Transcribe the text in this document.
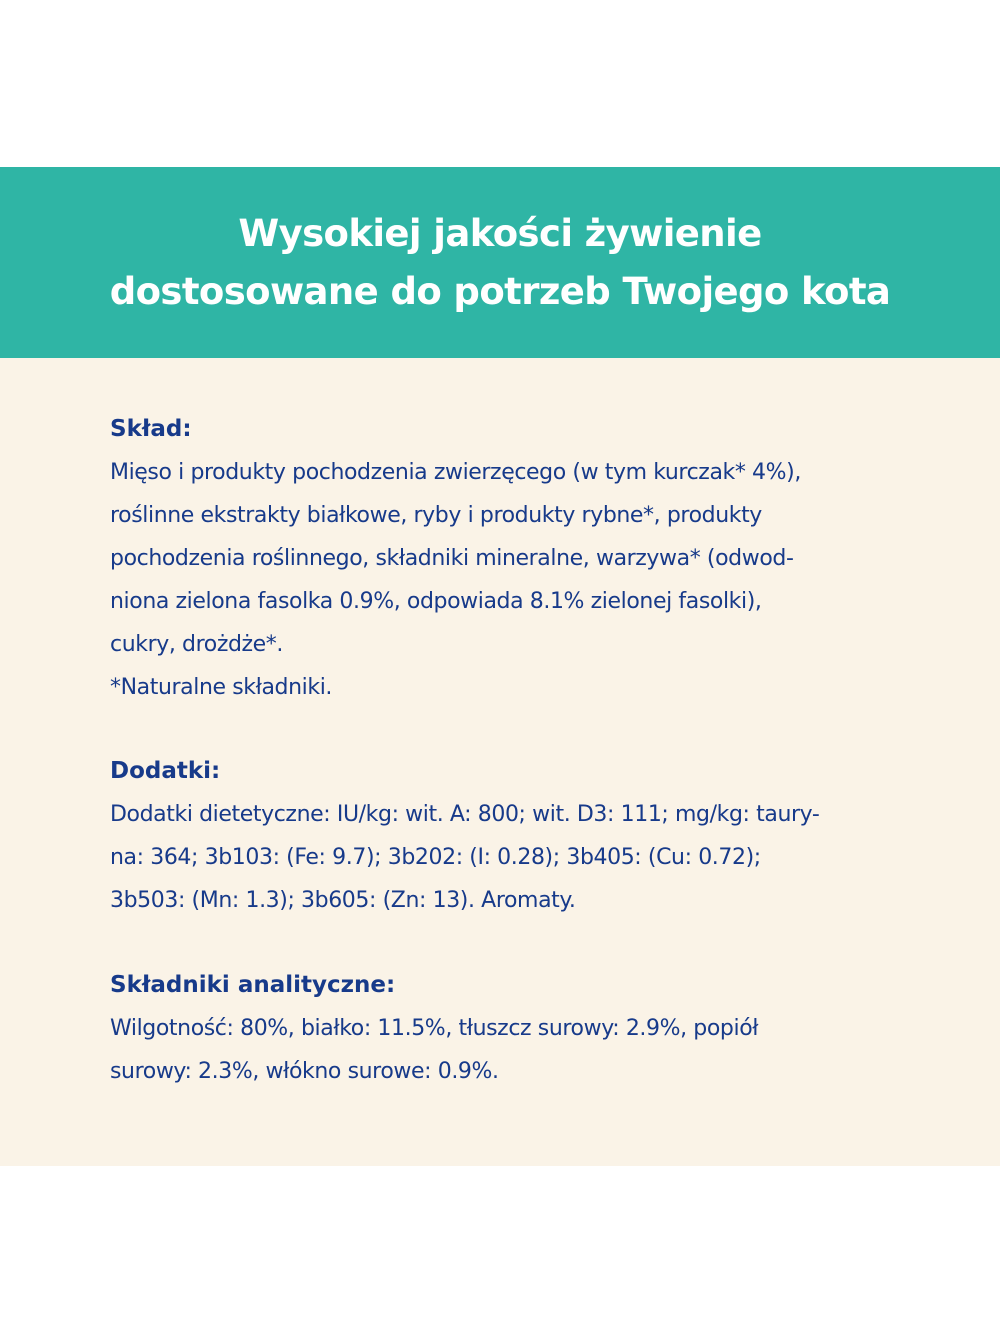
Wysokiej jakości żywienie
dostosowane do potrzeb Twojego kota
Skład:
Mięso i produkty pochodzenia zwierzęcego (w tym kurczak* 4%),
roślinne ekstrakty białkowe, ryby i produkty rybne*, produkty
pochodzenia roślinnego, składniki mineralne, warzywa* (odwod-
niona zielona fasolka 0.9%, odpowiada 8.1% zielonej fasolki),
cukry, drożdże*.
*Naturalne składniki.
Dodatki:
Dodatki dietetyczne: IU/kg: wit. A: 800; wit. D3: 111; mg/kg: taury-
na: 364; 3b103: (Fe: 9.7); 3b202: (I: 0.28); 3b405: (Cu: 0.72);
3b503: (Mn: 1.3); 3b605: (Zn: 13). Aromaty.
Składniki analityczne:
Wilgotność: 80%, białko: 11.5%, tłuszcz surowy: 2.9%, popiół
surowy: 2.3%, włókno surowe: 0.9%.
